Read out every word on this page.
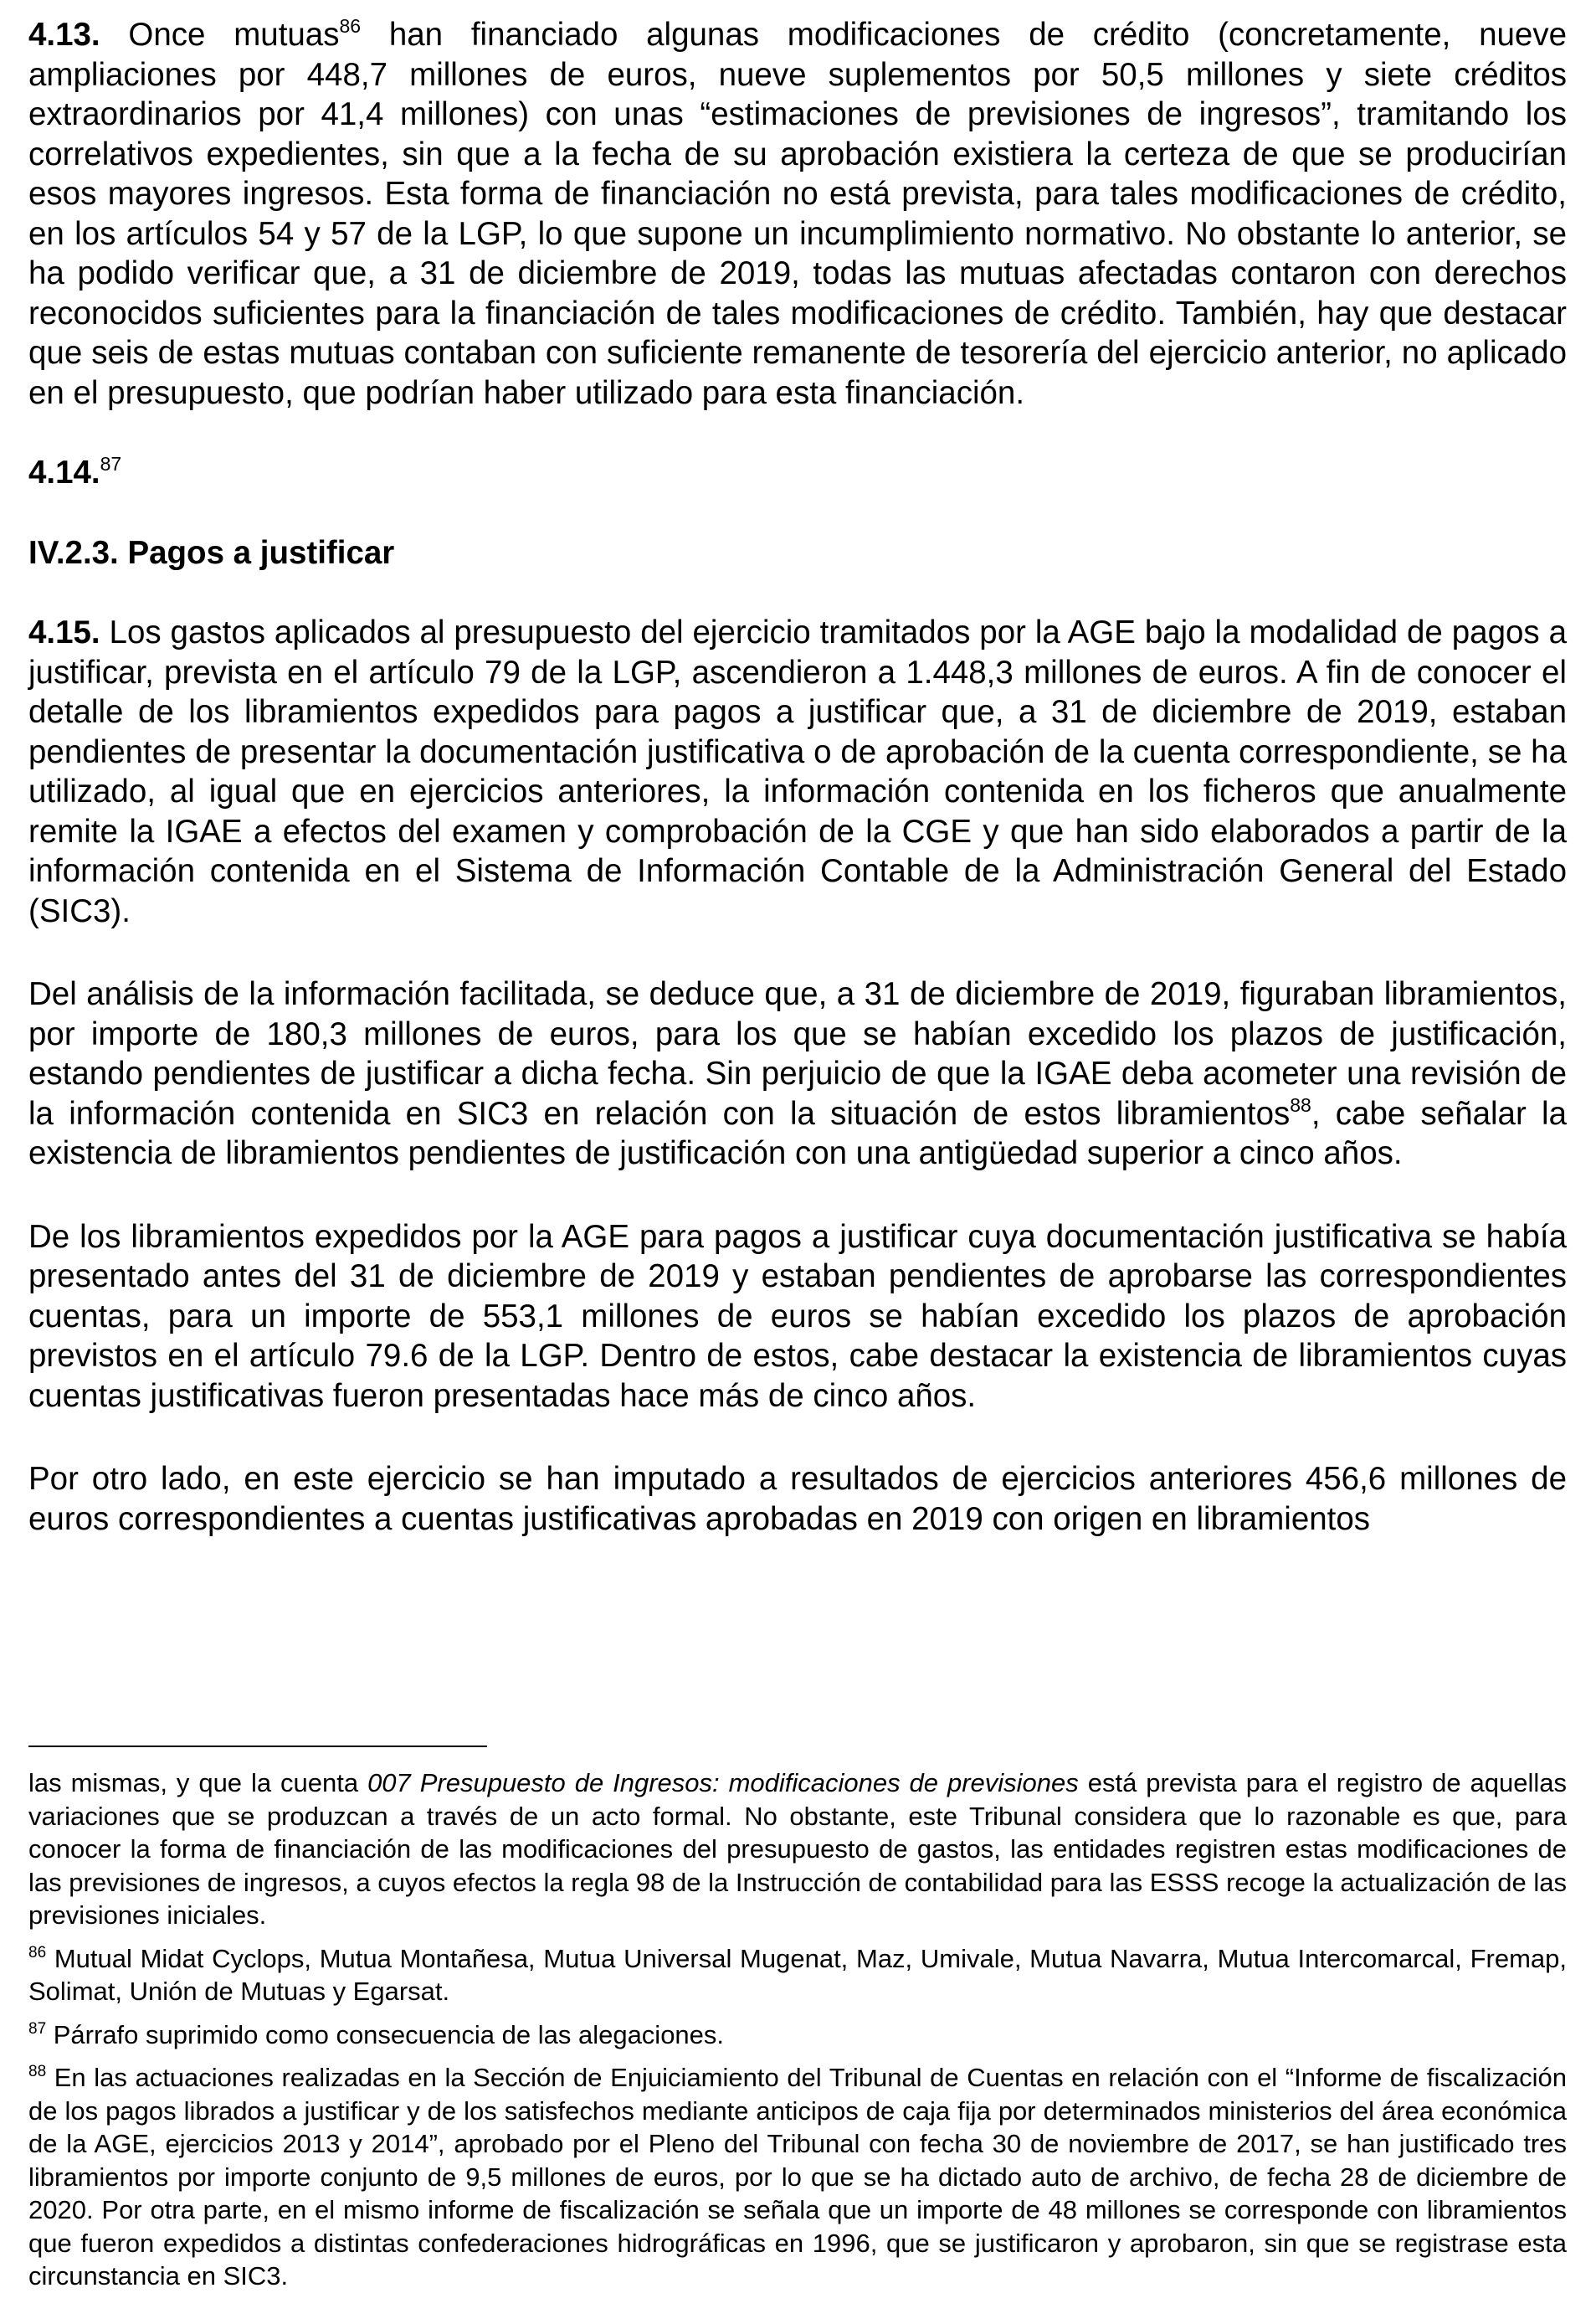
4.13. Once mutuas$^{86}$ han financiado algunas modificaciones de crédito (concretamente, nueve ampliaciones por 448,7 millones de euros, nueve suplementos por 50,5 millones y siete créditos extraordinarios por 41,4 millones) con unas “estimaciones de previsiones de ingresos”, tramitando los correlativos expedientes, sin que a la fecha de su aprobación existiera la certeza de que se producirían esos mayores ingresos. Esta forma de financiación no está prevista, para tales modificaciones de crédito, en los artículos 54 y 57 de la LGP, lo que supone un incumplimiento normativo. No obstante lo anterior, se ha podido verificar que, a 31 de diciembre de 2019, todas las mutuas afectadas contaron con derechos reconocidos suficientes para la financiación de tales modificaciones de crédito. También, hay que destacar que seis de estas mutuas contaban con suficiente remanente de tesorería del ejercicio anterior, no aplicado en el presupuesto, que podrían haber utilizado para esta financiación.

4.14.87

IV.2.3. Pagos a justificar

4.15. Los gastos aplicados al presupuesto del ejercicio tramitados por la AGE bajo la modalidad de pagos a justificar, prevista en el artículo 79 de la LGP, ascendieron a 1.448,3 millones de euros. A fin de conocer el detalle de los libramientos expedidos para pagos a justificar que, a 31 de diciembre de 2019, estaban pendientes de presentar la documentación justificativa o de aprobación de la cuenta correspondiente, se ha utilizado, al igual que en ejercicios anteriores, la información contenida en los ficheros que anualmente remite la IGAE a efectos del examen y comprobación de la CGE y que han sido elaborados a partir de la información contenida en el Sistema de Información Contable de la Administración General del Estado (SIC3).

Del análisis de la información facilitada, se deduce que, a 31 de diciembre de 2019, figuraban libramientos, por importe de 180,3 millones de euros, para los que se habían excedido los plazos de justificación, estando pendientes de justificar a dicha fecha. Sin perjuicio de que la IGAE deba acometer una revisión de la información contenida en SIC3 en relación con la situación de estos libramientos$^{88}$, cabe señalar la existencia de libramientos pendientes de justificación con una antigüedad superior a cinco años.

De los libramientos expedidos por la AGE para pagos a justificar cuya documentación justificativa se había presentado antes del 31 de diciembre de 2019 y estaban pendientes de aprobarse las correspondientes cuentas, para un importe de 553,1 millones de euros se habían excedido los plazos de aprobación previstos en el artículo 79.6 de la LGP. Dentro de estos, cabe destacar la existencia de libramientos cuyas cuentas justificativas fueron presentadas hace más de cinco años.

Por otro lado, en este ejercicio se han imputado a resultados de ejercicios anteriores 456,6 millones de euros correspondientes a cuentas justificativas aprobadas en 2019 con origen en libramientos

las mismas, y que la cuenta 007 Presupuesto de Ingresos: modificaciones de previsiones está prevista para el registro de aquellas variaciones que se produzcan a través de un acto formal. No obstante, este Tribunal considera que lo razonable es que, para conocer la forma de financiación de las modificaciones del presupuesto de gastos, las entidades registren estas modificaciones de las previsiones de ingresos, a cuyos efectos la regla 98 de la Instrucción de contabilidad para las ESSS recoge la actualización de las previsiones iniciales.

$^{86}$ Mutual Midat Cyclops, Mutua Montañesa, Mutua Universal Mugenat, Maz, Umivale, Mutua Navarra, Mutua Intercomarcal, Fremap, Solimat, Unión de Mutuas y Egarsat.

$^{87}$ Párrafo suprimido como consecuencia de las alegaciones.

$^{88}$ En las actuaciones realizadas en la Sección de Enjuiciamiento del Tribunal de Cuentas en relación con el “Informe de fiscalización de los pagos librados a justificar y de los satisfechos mediante anticipos de caja fija por determinados ministerios del área económica de la AGE, ejercicios 2013 y 2014”, aprobado por el Pleno del Tribunal con fecha 30 de noviembre de 2017, se han justificado tres libramientos por importe conjunto de 9,5 millones de euros, por lo que se ha dictado auto de archivo, de fecha 28 de diciembre de 2020. Por otra parte, en el mismo informe de fiscalización se señala que un importe de 48 millones se corresponde con libramientos que fueron expedidos a distintas confederaciones hidrográficas en 1996, que se justificaron y aprobaron, sin que se registrase esta circunstancia en SIC3.
